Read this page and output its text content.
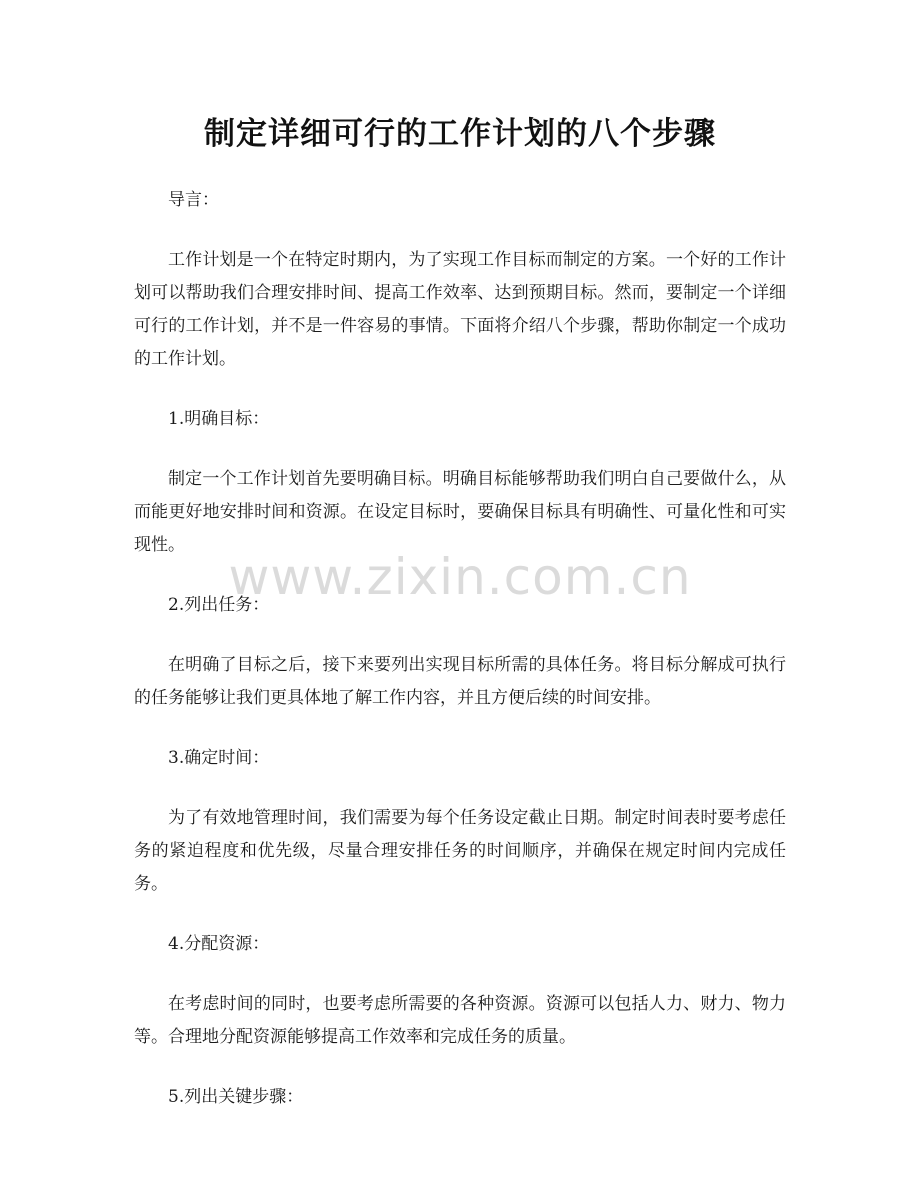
制定详细可行的工作计划的八个步骤

导言：

工作计划是一个在特定时期内，为了实现工作目标而制定的方案。一个好的工作计划可以帮助我们合理安排时间、提高工作效率、达到预期目标。然而，要制定一个详细可行的工作计划，并不是一件容易的事情。下面将介绍八个步骤，帮助你制定一个成功的工作计划。

1.明确目标：

制定一个工作计划首先要明确目标。明确目标能够帮助我们明白自己要做什么，从而能更好地安排时间和资源。在设定目标时，要确保目标具有明确性、可量化性和可实现性。

2.列出任务：

在明确了目标之后，接下来要列出实现目标所需的具体任务。将目标分解成可执行的任务能够让我们更具体地了解工作内容，并且方便后续的时间安排。

3.确定时间：

为了有效地管理时间，我们需要为每个任务设定截止日期。制定时间表时要考虑任务的紧迫程度和优先级，尽量合理安排任务的时间顺序，并确保在规定时间内完成任务。

4.分配资源：

在考虑时间的同时，也要考虑所需要的各种资源。资源可以包括人力、财力、物力等。合理地分配资源能够提高工作效率和完成任务的质量。

5.列出关键步骤：

www.zixin.com.cn
